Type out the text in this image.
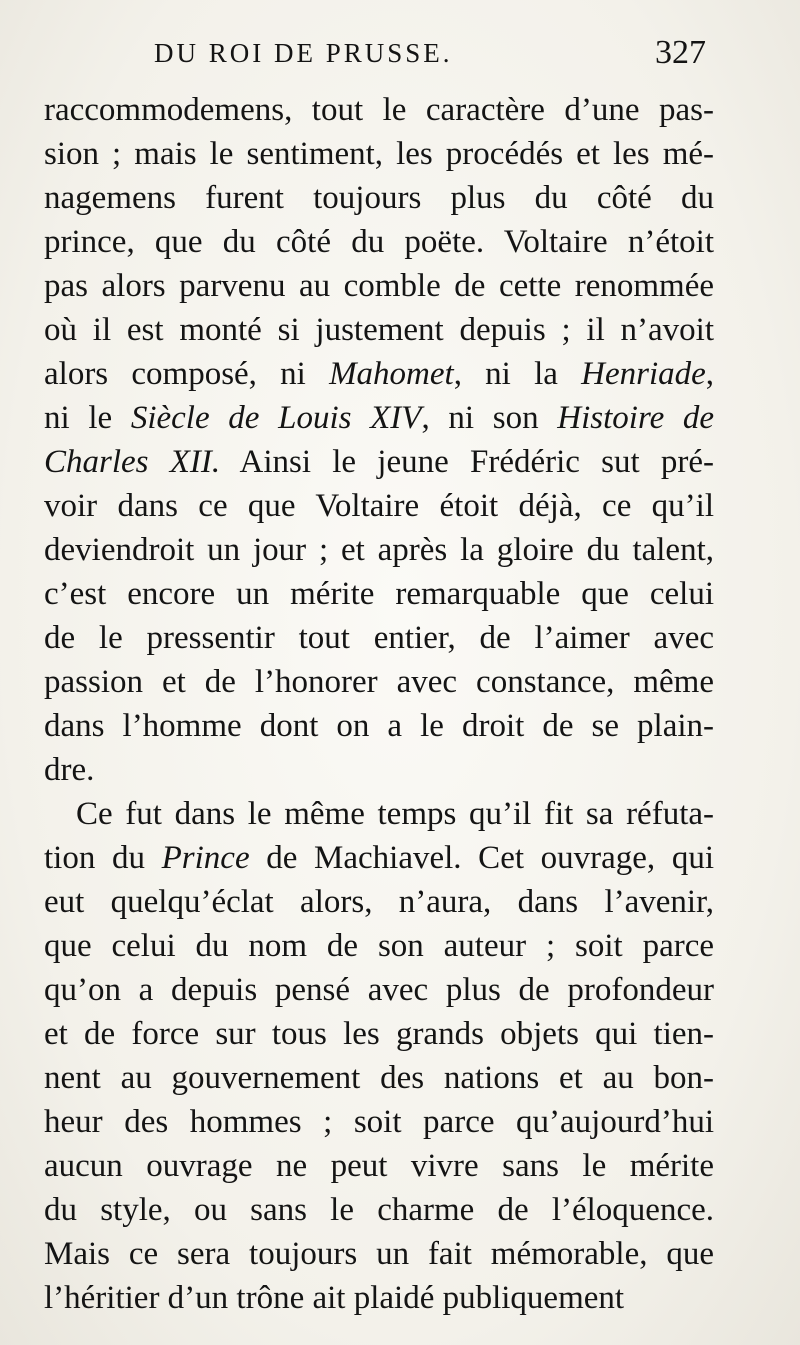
DU ROI DE PRUSSE.	327
raccommodemens, tout le caractère d’une pas-
sion ; mais le sentiment, les procédés et les mé-
nagemens furent toujours plus du côté du
prince, que du côté du poëte. Voltaire n’étoit
pas alors parvenu au comble de cette renommée
où il est monté si justement depuis ; il n’avoit
alors composé, ni Mahomet, ni la Henriade,
ni le Siècle de Louis XIV, ni son Histoire de
Charles XII. Ainsi le jeune Frédéric sut pré-
voir dans ce que Voltaire étoit déjà, ce qu’il
deviendroit un jour ; et après la gloire du talent,
c’est encore un mérite remarquable que celui
de le pressentir tout entier, de l’aimer avec
passion et de l’honorer avec constance, même
dans l’homme dont on a le droit de se plain-
dre.
Ce fut dans le même temps qu’il fit sa réfuta-
tion du Prince de Machiavel. Cet ouvrage, qui
eut quelqu’éclat alors, n’aura, dans l’avenir,
que celui du nom de son auteur ; soit parce
qu’on a depuis pensé avec plus de profondeur
et de force sur tous les grands objets qui tien-
nent au gouvernement des nations et au bon-
heur des hommes ; soit parce qu’aujourd’hui
aucun ouvrage ne peut vivre sans le mérite
du style, ou sans le charme de l’éloquence.
Mais ce sera toujours un fait mémorable, que
l’héritier d’un trône ait plaidé publiquement
